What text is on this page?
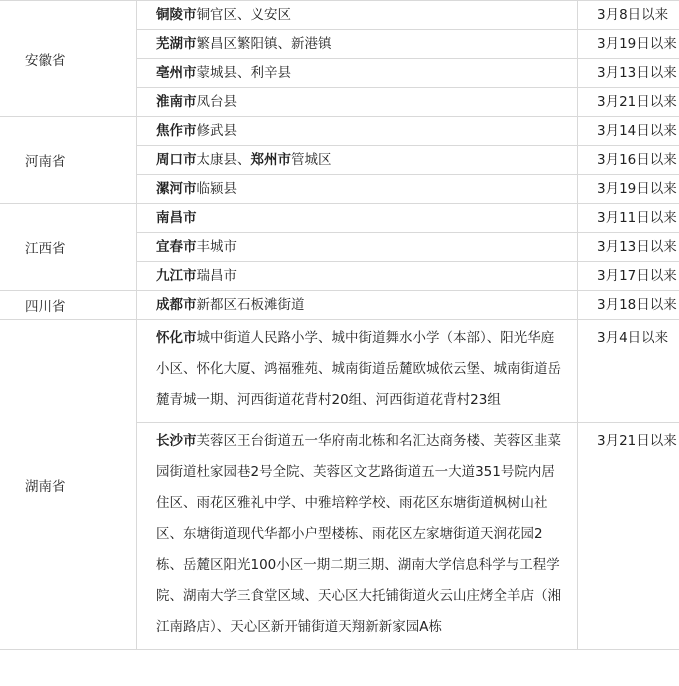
安徽省	铜陵市铜官区、义安区	3月8日以来
	芜湖市繁昌区繁阳镇、新港镇	3月19日以来
	亳州市蒙城县、利辛县	3月13日以来
	淮南市凤台县	3月21日以来
河南省	焦作市修武县	3月14日以来
	周口市太康县、郑州市管城区	3月16日以来
	漯河市临颍县	3月19日以来
江西省	南昌市	3月11日以来
	宜春市丰城市	3月13日以来
	九江市瑞昌市	3月17日以来
四川省	成都市新都区石板滩街道	3月18日以来
湖南省	怀化市城中街道人民路小学、城中街道舞水小学（本部）、阳光华庭小区、怀化大厦、鸿福雅苑、城南街道岳麓欧城依云堡、城南街道岳麓青城一期、河西街道花背村20组、河西街道花背村23组	3月4日以来
	长沙市芙蓉区王台街道五一华府南北栋和名汇达商务楼、芙蓉区韭菜园街道杜家园巷2号全院、芙蓉区文艺路街道五一大道351号院内居住区、雨花区雅礼中学、中雅培粹学校、雨花区东塘街道枫树山社区、东塘街道现代华都小户型楼栋、雨花区左家塘街道天润花园2栋、岳麓区阳光100小区一期二期三期、湖南大学信息科学与工程学院、湖南大学三食堂区域、天心区大托铺街道火云山庄烤全羊店（湘江南路店）、天心区新开铺街道天翔新新家园A栋	3月21日以来
